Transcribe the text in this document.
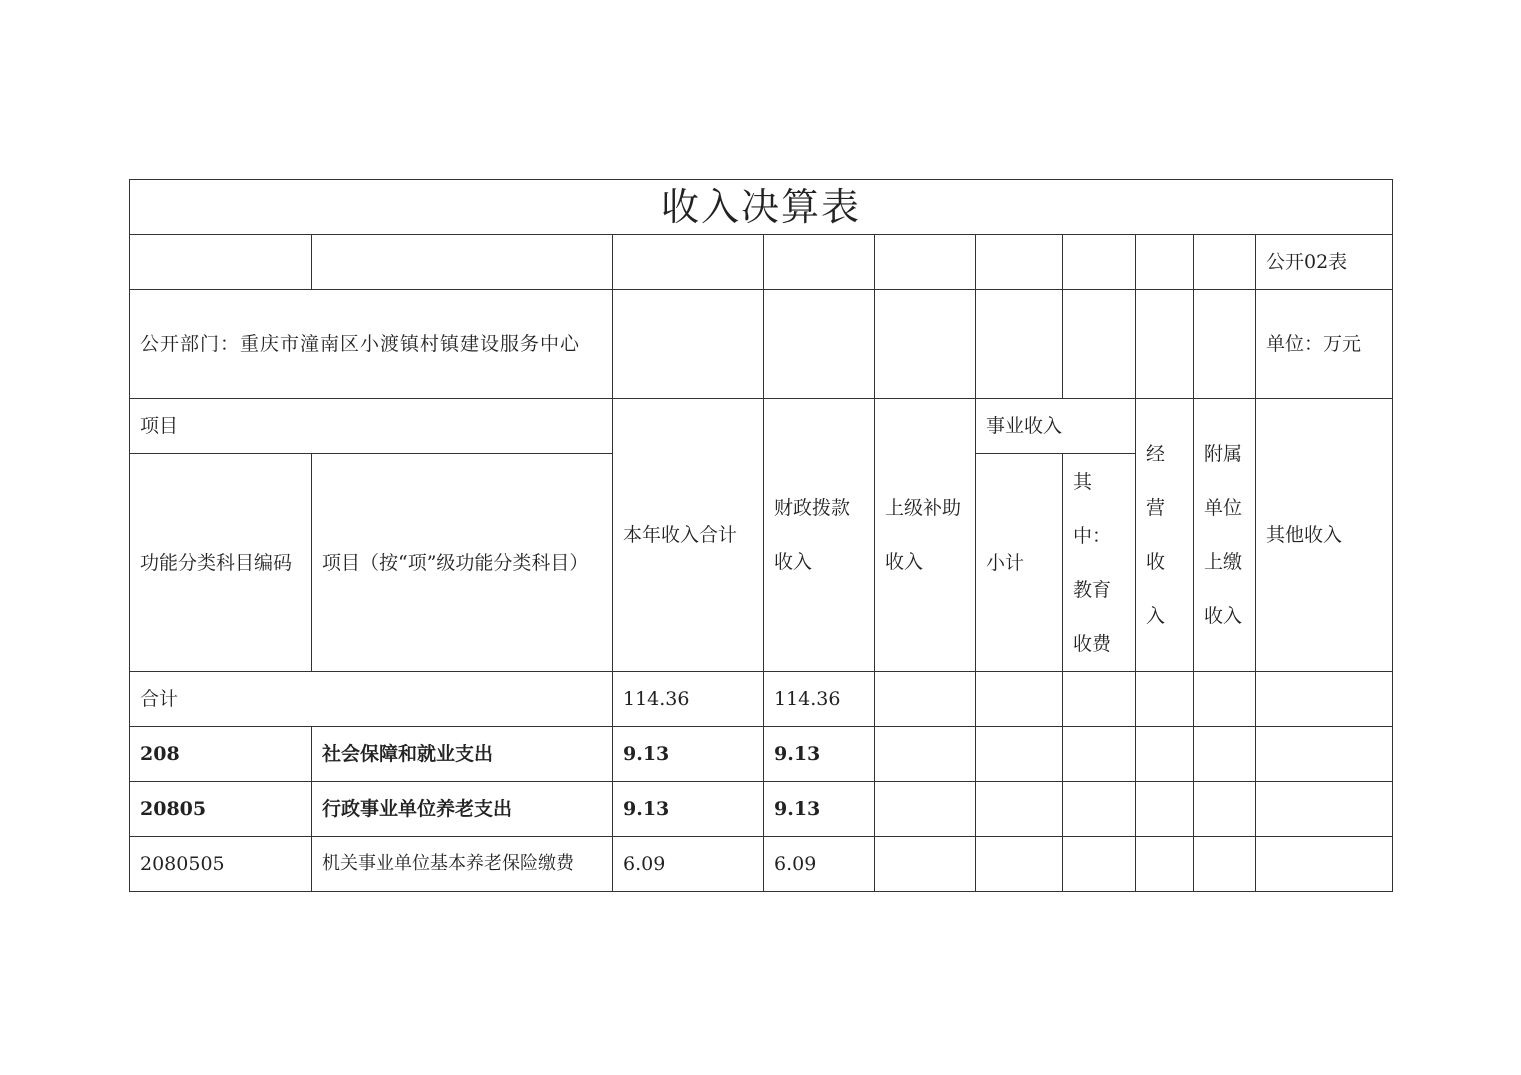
收入决算表									
									公开02表
公开部门：重庆市潼南区小渡镇村镇建设服务中心									单位：万元
项目		本年收入合计	财政拨款收入	上级补助收入	事业收入		经营收入	附属单位上缴收入	其他收入
功能分类科目编码	项目（按“项”级功能分类科目）				小计	其中：教育收费			
合计		114.36	114.36						
208	社会保障和就业支出	9.13	9.13						
20805	行政事业单位养老支出	9.13	9.13						
2080505	机关事业单位基本养老保险缴费	6.09	6.09						
